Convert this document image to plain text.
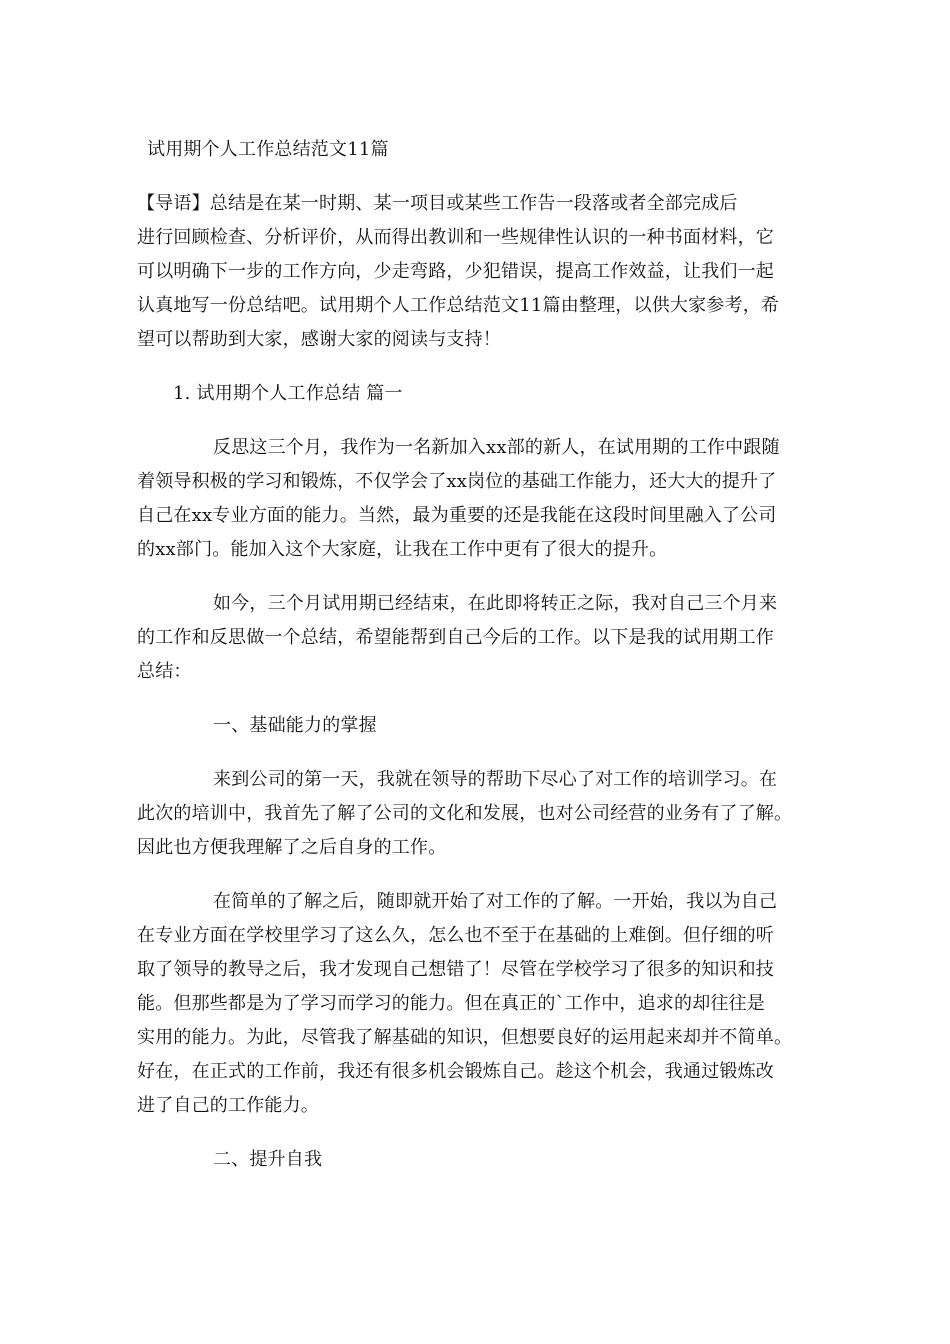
试用期个人工作总结范文11篇
【导语】总结是在某一时期、某一项目或某些工作告一段落或者全部完成后
进行回顾检查、分析评价，从而得出教训和一些规律性认识的一种书面材料，它
可以明确下一步的工作方向，少走弯路，少犯错误，提高工作效益，让我们一起
认真地写一份总结吧。试用期个人工作总结范文11篇由整理，以供大家参考，希
望可以帮助到大家，感谢大家的阅读与支持！
1. 试用期个人工作总结 篇一
反思这三个月，我作为一名新加入xx部的新人，在试用期的工作中跟随
着领导积极的学习和锻炼，不仅学会了xx岗位的基础工作能力，还大大的提升了
自己在xx专业方面的能力。当然，最为重要的还是我能在这段时间里融入了公司
的xx部门。能加入这个大家庭，让我在工作中更有了很大的提升。
如今，三个月试用期已经结束，在此即将转正之际，我对自己三个月来
的工作和反思做一个总结，希望能帮到自己今后的工作。以下是我的试用期工作
总结：
一、基础能力的掌握
来到公司的第一天，我就在领导的帮助下尽心了对工作的培训学习。在
此次的培训中，我首先了解了公司的文化和发展，也对公司经营的业务有了了解。
因此也方便我理解了之后自身的工作。
在简单的了解之后，随即就开始了对工作的了解。一开始，我以为自己
在专业方面在学校里学习了这么久，怎么也不至于在基础的上难倒。但仔细的听
取了领导的教导之后，我才发现自己想错了！尽管在学校学习了很多的知识和技
能。但那些都是为了学习而学习的能力。但在真正的`工作中，追求的却往往是
实用的能力。为此，尽管我了解基础的知识，但想要良好的运用起来却并不简单。
好在，在正式的工作前，我还有很多机会锻炼自己。趁这个机会，我通过锻炼改
进了自己的工作能力。
二、提升自我
